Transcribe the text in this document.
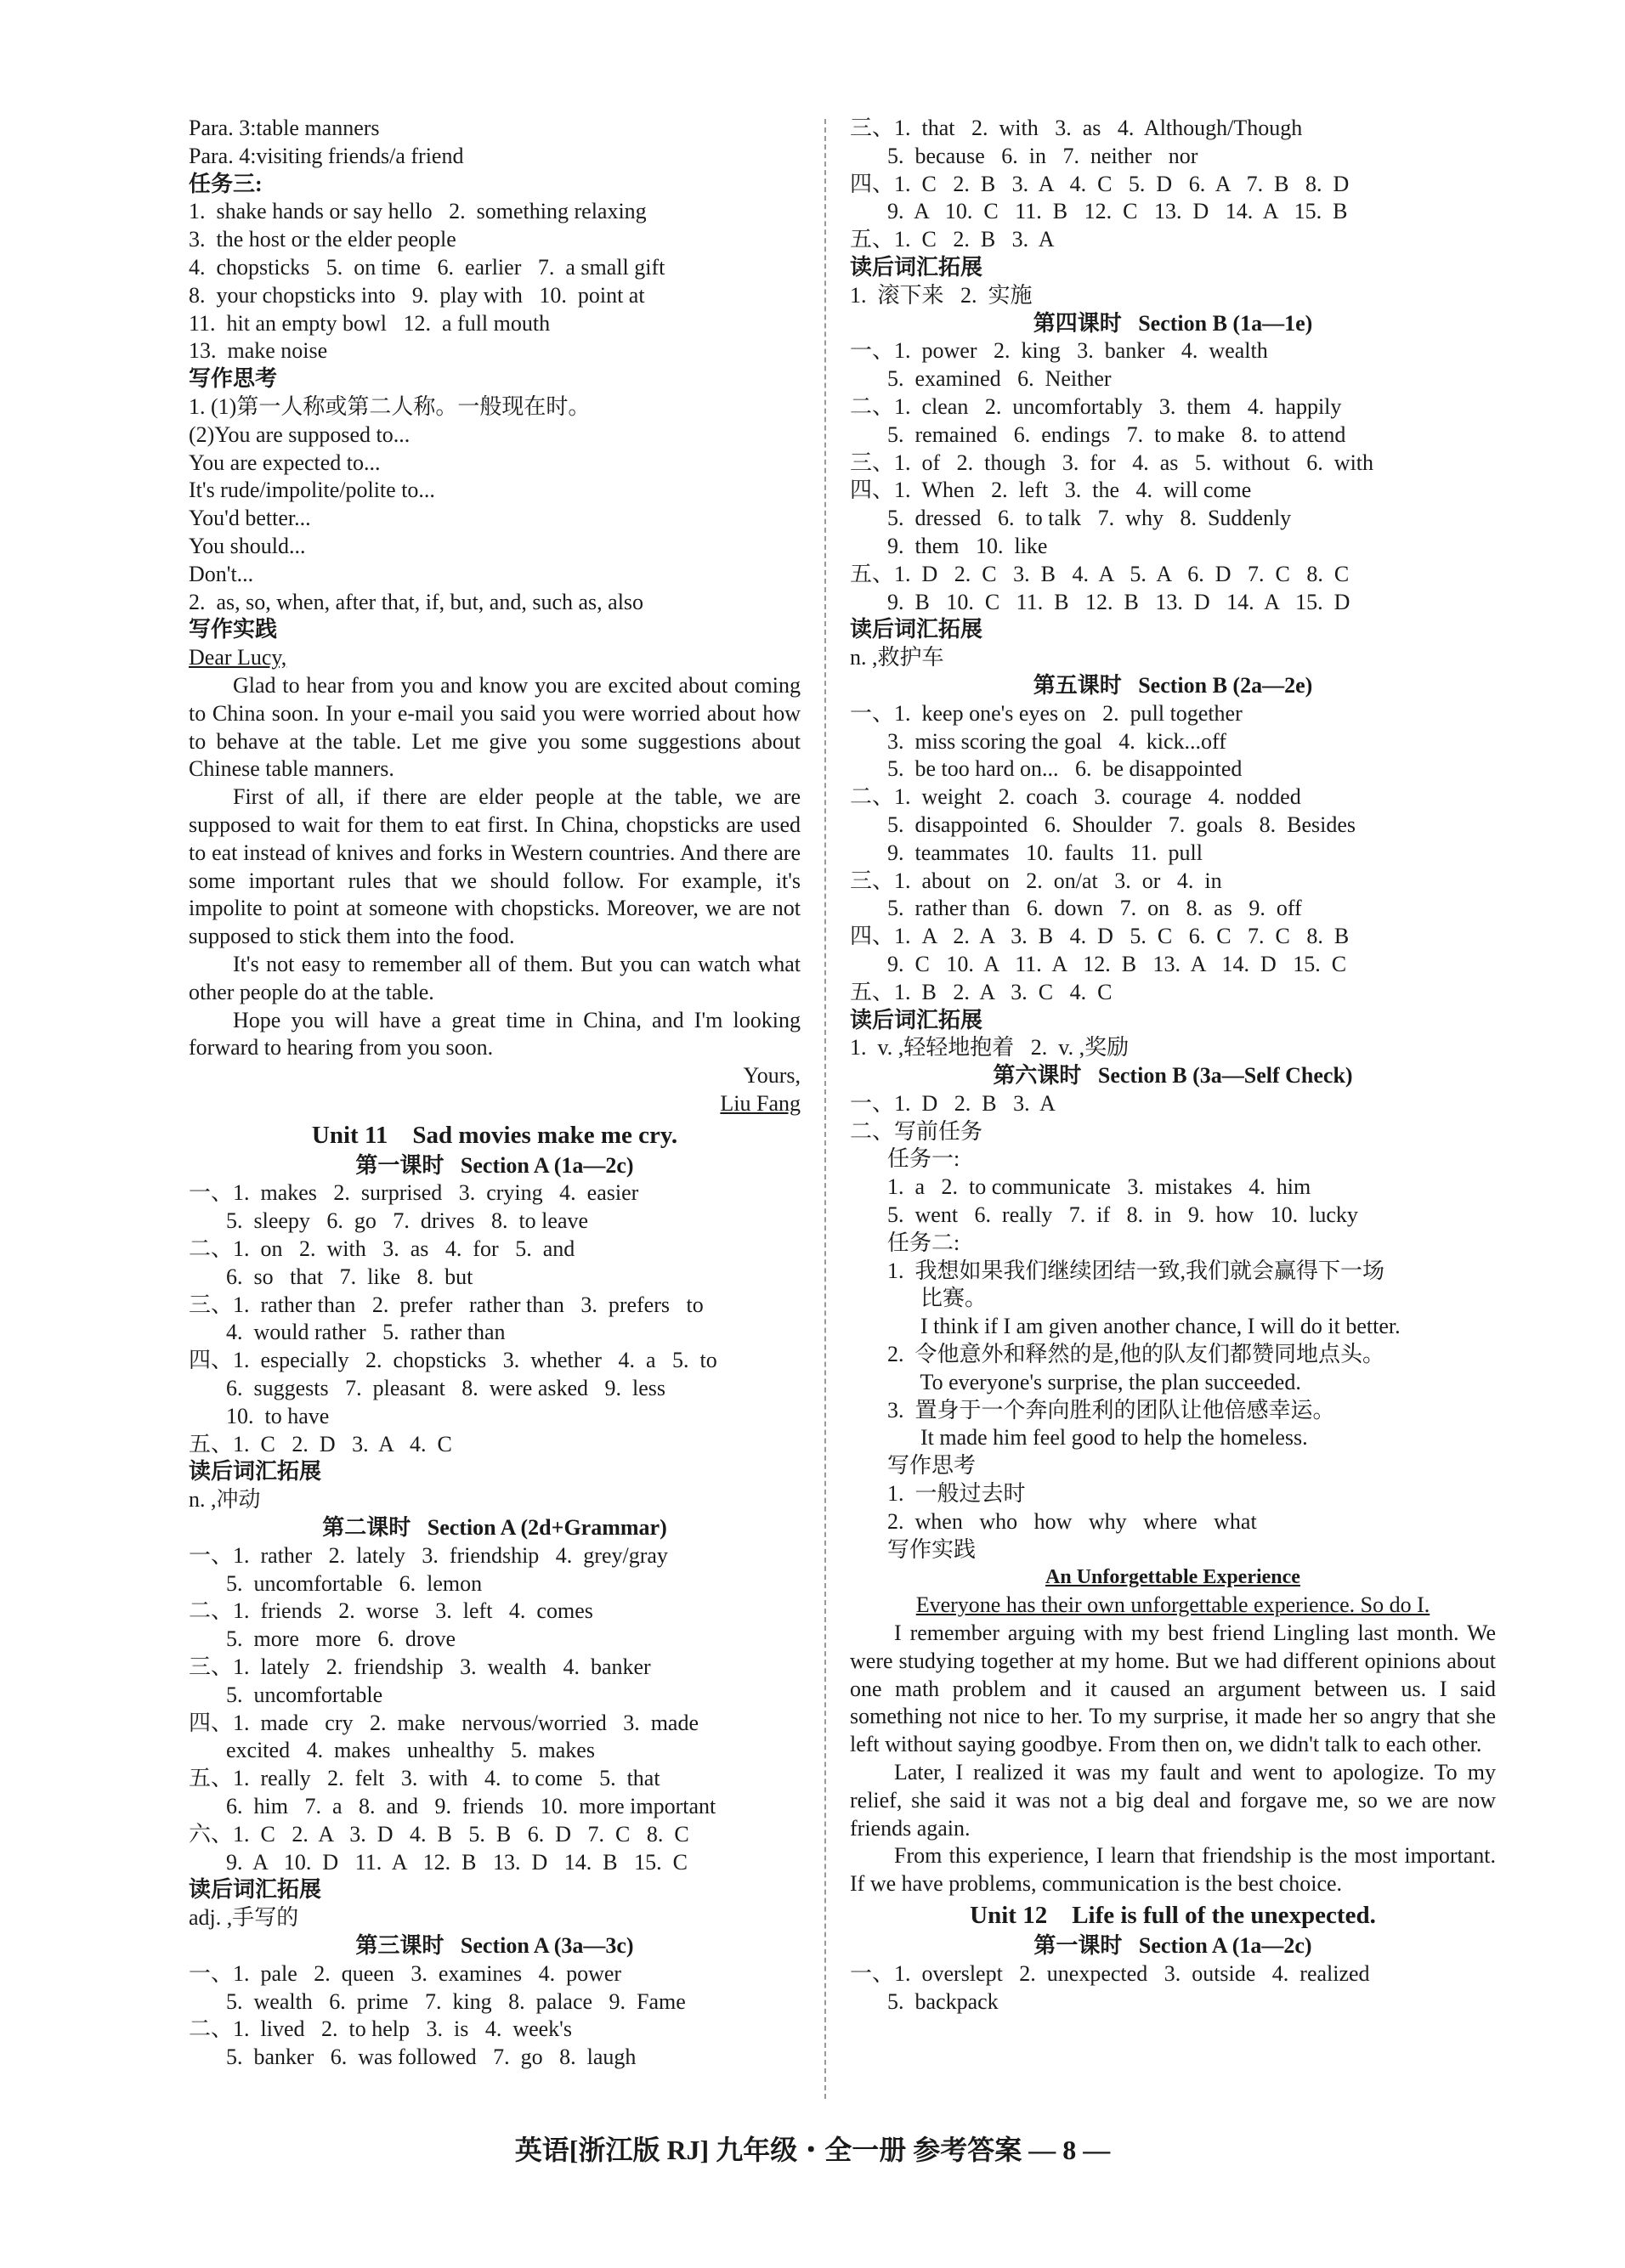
Para. 3:table manners
Para. 4:visiting friends/a friend
任务三:
1.  shake hands or say hello   2.  something relaxing
3.  the host or the elder people
4.  chopsticks   5.  on time   6.  earlier   7.  a small gift
8.  your chopsticks into   9.  play with   10.  point at
11.  hit an empty bowl   12.  a full mouth
13.  make noise
写作思考
1. (1)第一人称或第二人称。一般现在时。
(2)You are supposed to...
You are expected to...
It's rude/impolite/polite to...
You'd better...
You should...
Don't...
2.  as, so, when, after that, if, but, and, such as, also
写作实践
Dear Lucy,

Glad to hear from you and know you are excited about coming to China soon. In your e-mail you said you were worried about how to behave at the table. Let me give you some suggestions about Chinese table manners.

First of all, if there are elder people at the table, we are supposed to wait for them to eat first. In China, chopsticks are used to eat instead of knives and forks in Western countries. And there are some important rules that we should follow. For example, it's impolite to point at someone with chopsticks. Moreover, we are not supposed to stick them into the food.

It's not easy to remember all of them. But you can watch what other people do at the table.

Hope you will have a great time in China, and I'm looking forward to hearing from you soon.

Yours,
Liu Fang
Unit 11    Sad movies make me cry.
第一课时   Section A (1a—2c)
一、1.  makes   2.  surprised   3.  crying   4.  easier
5.  sleepy   6.  go   7.  drives   8.  to leave
二、1.  on   2.  with   3.  as   4.  for   5.  and
6.  so   that   7.  like   8.  but
三、1.  rather than   2.  prefer   rather than   3.  prefers   to
4.  would rather   5.  rather than
四、1.  especially   2.  chopsticks   3.  whether   4.  a   5.  to
6.  suggests   7.  pleasant   8.  were asked   9.  less
10.  to have
五、1.  C   2.  D   3.  A   4.  C
读后词汇拓展
n. ,冲动
第二课时   Section A (2d+Grammar)
一、1.  rather   2.  lately   3.  friendship   4.  grey/gray
5.  uncomfortable   6.  lemon
二、1.  friends   2.  worse   3.  left   4.  comes
5.  more   more   6.  drove
三、1.  lately   2.  friendship   3.  wealth   4.  banker
5.  uncomfortable
四、1.  made   cry   2.  make   nervous/worried   3.  made
excited   4.  makes   unhealthy   5.  makes
五、1.  really   2.  felt   3.  with   4.  to come   5.  that
6.  him   7.  a   8.  and   9.  friends   10.  more important
六、1.  C   2.  A   3.  D   4.  B   5.  B   6.  D   7.  C   8.  C
9.  A   10.  D   11.  A   12.  B   13.  D   14.  B   15.  C
读后词汇拓展
adj. ,手写的
第三课时   Section A (3a—3c)
一、1.  pale   2.  queen   3.  examines   4.  power
5.  wealth   6.  prime   7.  king   8.  palace   9.  Fame
二、1.  lived   2.  to help   3.  is   4.  week's
5.  banker   6.  was followed   7.  go   8.  laugh
三、1.  that   2.  with   3.  as   4.  Although/Though
5.  because   6.  in   7.  neither   nor
四、1.  C   2.  B   3.  A   4.  C   5.  D   6.  A   7.  B   8.  D
9.  A   10.  C   11.  B   12.  C   13.  D   14.  A   15.  B
五、1.  C   2.  B   3.  A
读后词汇拓展
1.  滚下来   2.  实施
第四课时   Section B (1a—1e)
一、1.  power   2.  king   3.  banker   4.  wealth
5.  examined   6.  Neither
二、1.  clean   2.  uncomfortably   3.  them   4.  happily
5.  remained   6.  endings   7.  to make   8.  to attend
三、1.  of   2.  though   3.  for   4.  as   5.  without   6.  with
四、1.  When   2.  left   3.  the   4.  will come
5.  dressed   6.  to talk   7.  why   8.  Suddenly
9.  them   10.  like
五、1.  D   2.  C   3.  B   4.  A   5.  A   6.  D   7.  C   8.  C
9.  B   10.  C   11.  B   12.  B   13.  D   14.  A   15.  D
读后词汇拓展
n. ,救护车
第五课时   Section B (2a—2e)
一、1.  keep one's eyes on   2.  pull together
3.  miss scoring the goal   4.  kick...off
5.  be too hard on...   6.  be disappointed
二、1.  weight   2.  coach   3.  courage   4.  nodded
5.  disappointed   6.  Shoulder   7.  goals   8.  Besides
9.  teammates   10.  faults   11.  pull
三、1.  about   on   2.  on/at   3.  or   4.  in
5.  rather than   6.  down   7.  on   8.  as   9.  off
四、1.  A   2.  A   3.  B   4.  D   5.  C   6.  C   7.  C   8.  B
9.  C   10.  A   11.  A   12.  B   13.  A   14.  D   15.  C
五、1.  B   2.  A   3.  C   4.  C
读后词汇拓展
1.  v. ,轻轻地抱着   2.  v. ,奖励
第六课时   Section B (3a—Self Check)
一、1.  D   2.  B   3.  A
二、写前任务
任务一:
1.  a   2.  to communicate   3.  mistakes   4.  him
5.  went   6.  really   7.  if   8.  in   9.  how   10.  lucky
任务二:
1.  我想如果我们继续团结一致,我们就会赢得下一场
比赛。
I think if I am given another chance, I will do it better.
2.  令他意外和释然的是,他的队友们都赞同地点头。
To everyone's surprise, the plan succeeded.
3.  置身于一个奔向胜利的团队让他倍感幸运。
It made him feel good to help the homeless.
写作思考
1.  一般过去时
2.  when   who   how   why   where   what
写作实践
An Unforgettable Experience
Everyone has their own unforgettable experience. So do I.

I remember arguing with my best friend Lingling last month. We were studying together at my home. But we had different opinions about one math problem and it caused an argument between us. I said something not nice to her. To my surprise, it made her so angry that she left without saying goodbye. From then on, we didn't talk to each other.

Later, I realized it was my fault and went to apologize. To my relief, she said it was not a big deal and forgave me, so we are now friends again.

From this experience, I learn that friendship is the most important. If we have problems, communication is the best choice.

Unit 12    Life is full of the unexpected.
第一课时   Section A (1a—2c)
一、1.  overslept   2.  unexpected   3.  outside   4.  realized
5.  backpack
英语[浙江版 RJ] 九年级・全一册 参考答案 — 8 —
